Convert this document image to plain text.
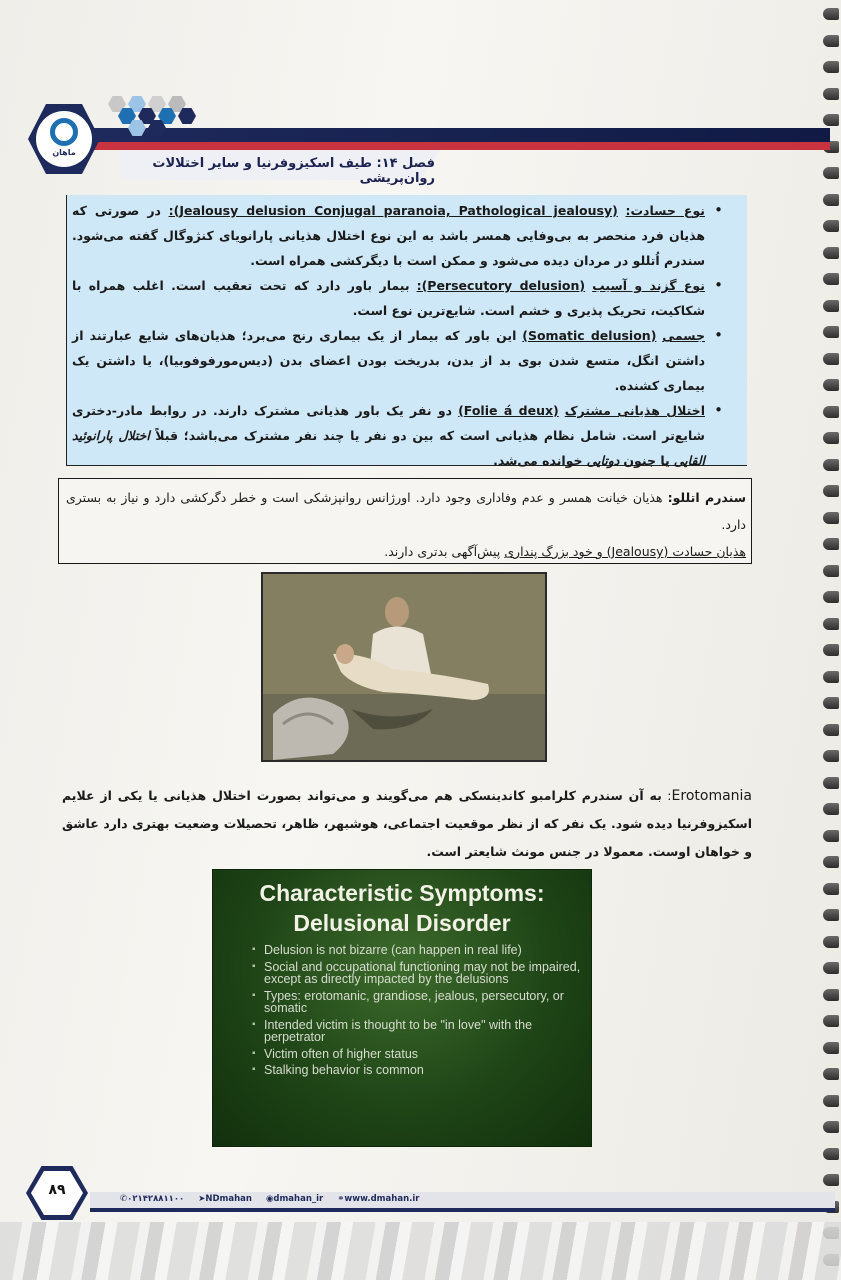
فصل ۱۴: طیف اسکیزوفرنیا و سایر اختلالات روان‌پریشی
ماهان
• نوع حسادت: (Jealousy delusion Conjugal paranoia, Pathological jealousy): در صورتی که هذیان فرد منحصر به بی‌وفایی همسر باشد به این نوع اختلال هذیانی پارانویای کنژوگال گفته می‌شود. سندرم اُتللو در مردان دیده می‌شود و ممکن است با دیگرکشی همراه است.
• نوع گزند و آسیب (Persecutory delusion): بیمار باور دارد که تحت تعقیب است. اغلب همراه با شکاکیت، تحریک پذیری و خشم است. شایع‌ترین نوع است.
• جسمی (Somatic delusion) این باور که بیمار از یک بیماری رنج می‌برد؛ هذیان‌های شایع عبارتند از داشتن انگل، متسع شدن بوی بد از بدن، بدریخت بودن اعضای بدن (دیس‌مورفوفوبیا)، یا داشتن یک بیماری کشنده.
• اختلال هذیانی مشترک (Folie á deux) دو نفر یک باور هذیانی مشترک دارند. در روابط مادر-دختری شایع‌تر است. شامل نظام هذیانی است که بین دو نفر یا چند نفر مشترک می‌باشد؛ قبلاً اختلال پارانوئید القایی یا جنون دوتایی خوانده می‌شد.
سندرم اتللو: هذیان خیانت همسر و عدم وفاداری وجود دارد. اورژانس روانپزشکی است و خطر دگرکشی دارد و نیاز به بستری دارد.
هذیان حسادت (Jealousy) و خود بزرگ پنداری پیش‌آگهی بدتری دارند.
Erotomania: به آن سندرم کلرامبو کاندینسکی هم می‌گویند و می‌تواند بصورت اختلال هذیانی یا یکی از علایم اسکیزوفرنیا دیده شود. یک نفر که از نظر موقعیت اجتماعی، هوشبهر، ظاهر، تحصیلات وضعیت بهتری دارد عاشق و خواهان اوست. معمولا در جنس مونث شایعتر است.
Characteristic Symptoms:
Delusional Disorder
▪ Delusion is not bizarre (can happen in real life)
▪ Social and occupational functioning may not be impaired, except as directly impacted by the delusions
▪ Types: erotomanic, grandiose, jealous, persecutory, or somatic
▪ Intended victim is thought to be "in love" with the perpetrator
▪ Victim often of higher status
▪ Stalking behavior is common
✆۰۲۱۴۲۸۸۱۱۰۰ ➤NDmahan ◉dmahan_ir ⚭www.dmahan.ir
۸۹
